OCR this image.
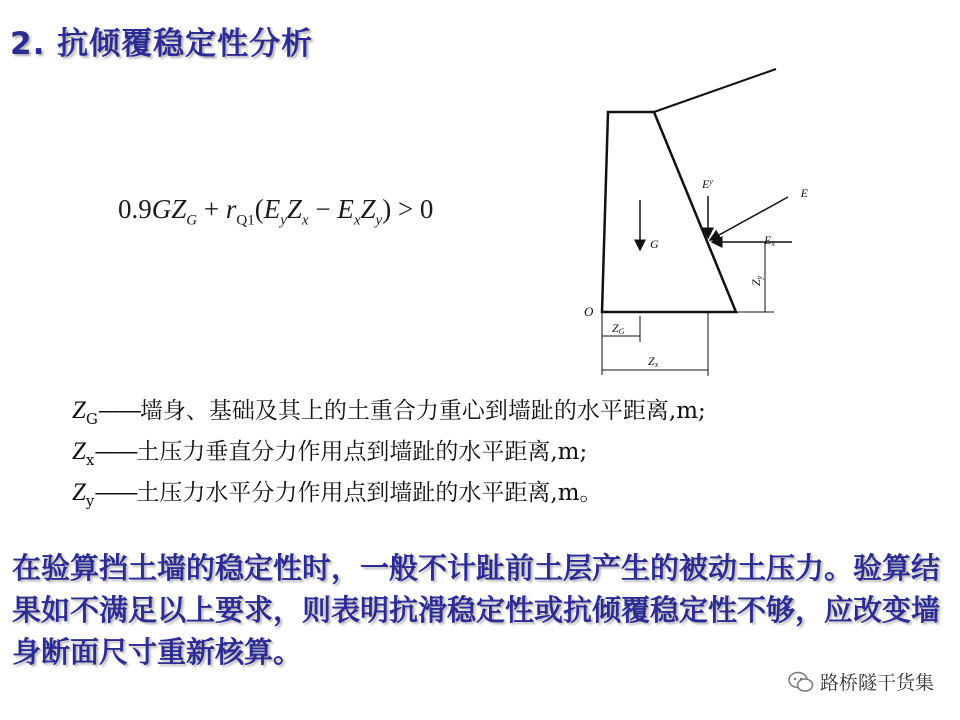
2. 抗倾覆稳定性分析
$0.9GZ_G + r_{Q1}(E_yZ_x - E_xZ_y) > 0$
$E^y$
E
Ex
G
O
Zy
ZG
Zx
$Z_G——$墙身、基础及其上的土重合力重心到墙趾的水平距离,m;
$Z_x——$土压力垂直分力作用点到墙趾的水平距离,m;
$Z_y——$土压力水平分力作用点到墙趾的水平距离,m。
在验算挡土墙的稳定性时，一般不计趾前土层产生的被动土压力。验算结果如不满足以上要求，则表明抗滑稳定性或抗倾覆稳定性不够，应改变墙身断面尺寸重新核算。
路桥隧干货集
